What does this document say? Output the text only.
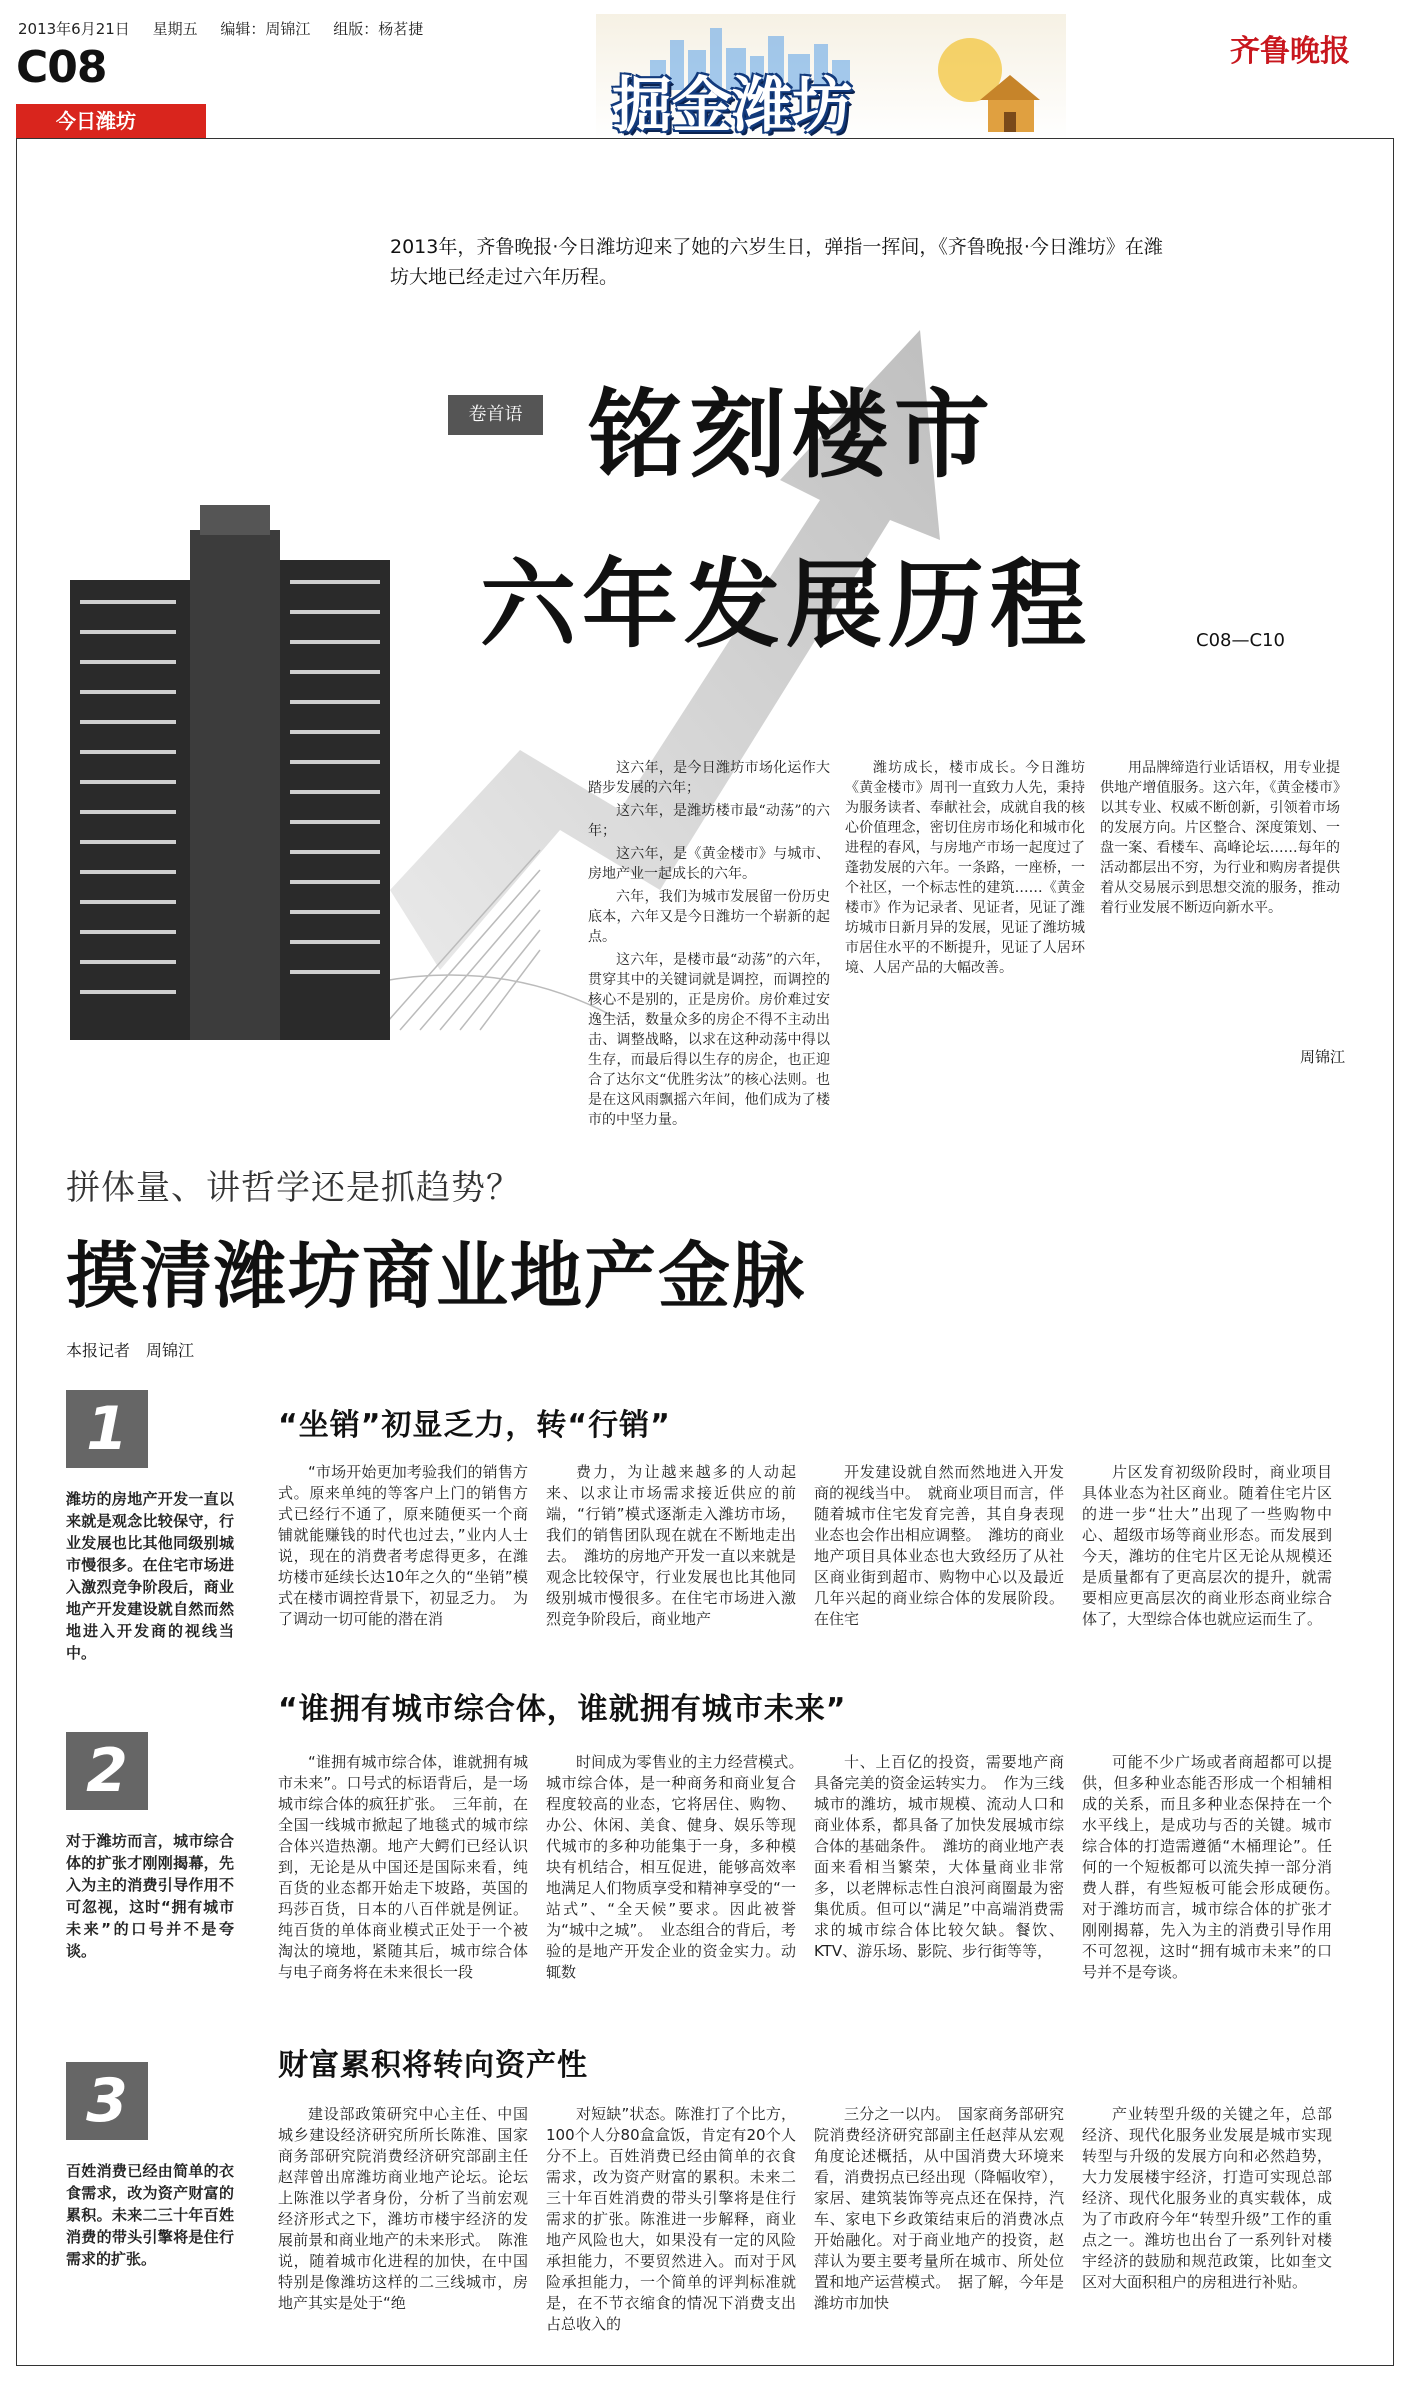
2013年6月21日 星期五 编辑：周锦江 组版：杨茗捷
C08
今日潍坊
齐鲁晚报
掘金潍坊
2013年，齐鲁晚报·今日潍坊迎来了她的六岁生日，弹指一挥间，《齐鲁晚报·今日潍坊》在潍坊大地已经走过六年历程。
卷首语 铭刻楼市
六年发展历程	C08—C10

这六年，是今日潍坊市场化运作大踏步发展的六年；

这六年，是潍坊楼市最“动荡”的六年；

这六年，是《黄金楼市》与城市、房地产业一起成长的六年。

六年，我们为城市发展留一份历史底本，六年又是今日潍坊一个崭新的起点。

这六年，是楼市最“动荡”的六年，贯穿其中的关键词就是调控，而调控的核心不是别的，正是房价。房价难过安逸生活，数量众多的房企不得不主动出击、调整战略，以求在这种动荡中得以生存，而最后得以生存的房企，也正迎合了达尔文“优胜劣汰”的核心法则。也是在这风雨飘摇六年间，他们成为了楼市的中坚力量。

潍坊成长，楼市成长。今日潍坊《黄金楼市》周刊一直致力人先，秉持为服务读者、奉献社会，成就自我的核心价值理念，密切住房市场化和城市化进程的春风，与房地产市场一起度过了蓬勃发展的六年。一条路，一座桥，一个社区，一个标志性的建筑……《黄金楼市》作为记录者、见证者，见证了潍坊城市日新月异的发展，见证了潍坊城市居住水平的不断提升，见证了人居环境、人居产品的大幅改善。

用品牌缔造行业话语权，用专业提供地产增值服务。这六年，《黄金楼市》以其专业、权威不断创新，引领着市场的发展方向。片区整合、深度策划、一盘一案、看楼车、高峰论坛……每年的活动都层出不穷，为行业和购房者提供着从交易展示到思想交流的服务，推动着行业发展不断迈向新水平。

周锦江
拼体量、讲哲学还是抓趋势？
摸清潍坊商业地产金脉
本报记者　周锦江
1	“坐销”初显乏力，转“行销”
潍坊的房地产开发一直以来就是观念比较保守，行业发展也比其他同级别城市慢很多。在住宅市场进入激烈竞争阶段后，商业地产开发建设就自然而然地进入开发商的视线当中。

“市场开始更加考验我们的销售方式。原来单纯的等客户上门的销售方式已经行不通了，原来随便买一个商铺就能赚钱的时代也过去，”业内人士说，现在的消费者考虑得更多，在潍坊楼市延续长达10年之久的“坐销”模式在楼市调控背景下，初显乏力。　为了调动一切可能的潜在消

费力，为让越来越多的人动起来、以求让市场需求接近供应的前端，“行销”模式逐渐走入潍坊市场，我们的销售团队现在就在不断地走出去。　潍坊的房地产开发一直以来就是观念比较保守，行业发展也比其他同级别城市慢很多。在住宅市场进入激烈竞争阶段后，商业地产

开发建设就自然而然地进入开发商的视线当中。　就商业项目而言，伴随着城市住宅发育完善，其自身表现业态也会作出相应调整。　潍坊的商业地产项目具体业态也大致经历了从社区商业街到超市、购物中心以及最近几年兴起的商业综合体的发展阶段。在住宅

片区发育初级阶段时，商业项目具体业态为社区商业。随着住宅片区的进一步“壮大”出现了一些购物中心、超级市场等商业形态。而发展到今天，潍坊的住宅片区无论从规模还是质量都有了更高层次的提升，就需要相应更高层次的商业形态商业综合体了，大型综合体也就应运而生了。

2
“谁拥有城市综合体，谁就拥有城市未来”
对于潍坊而言，城市综合体的扩张才刚刚揭幕，先入为主的消费引导作用不可忽视，这时“拥有城市未来”的口号并不是夸谈。

“谁拥有城市综合体，谁就拥有城市未来”。口号式的标语背后，是一场城市综合体的疯狂扩张。　三年前，在全国一线城市掀起了地毯式的城市综合体兴造热潮。地产大鳄们已经认识到，无论是从中国还是国际来看，纯百货的业态都开始走下坡路，英国的玛莎百货，日本的八百伴就是例证。纯百货的单体商业模式正处于一个被淘汰的境地，紧随其后，城市综合体与电子商务将在未来很长一段

时间成为零售业的主力经营模式。　城市综合体，是一种商务和商业复合程度较高的业态，它将居住、购物、办公、休闲、美食、健身、娱乐等现代城市的多种功能集于一身，多种模块有机结合，相互促进，能够高效率地满足人们物质享受和精神享受的“一站式”、“全天候”要求。因此被誉为“城中之城”。　业态组合的背后，考验的是地产开发企业的资金实力。动辄数

十、上百亿的投资，需要地产商具备完美的资金运转实力。　作为三线城市的潍坊，城市规模、流动人口和商业体系，都具备了加快发展城市综合体的基础条件。　潍坊的商业地产表面来看相当繁荣，大体量商业非常多，以老牌标志性白浪河商圈最为密集优质。但可以“满足”中高端消费需求的城市综合体比较欠缺。餐饮、KTV、游乐场、影院、步行街等等，

可能不少广场或者商超都可以提供，但多种业态能否形成一个相辅相成的关系，而且多种业态保持在一个水平线上，是成功与否的关键。城市综合体的打造需遵循“木桶理论”。任何的一个短板都可以流失掉一部分消费人群，有些短板可能会形成硬伤。　对于潍坊而言，城市综合体的扩张才刚刚揭幕，先入为主的消费引导作用不可忽视，这时“拥有城市未来”的口号并不是夸谈。

3
财富累积将转向资产性
百姓消费已经由简单的衣食需求，改为资产财富的累积。未来二三十年百姓消费的带头引擎将是住行需求的扩张。

建设部政策研究中心主任、中国城乡建设经济研究所所长陈淮、国家商务部研究院消费经济研究部副主任赵萍曾出席潍坊商业地产论坛。论坛上陈淮以学者身份，分析了当前宏观经济形式之下，潍坊市楼宇经济的发展前景和商业地产的未来形式。　陈淮说，随着城市化进程的加快，在中国特别是像潍坊这样的二三线城市，房地产其实是处于“绝

对短缺”状态。陈淮打了个比方，100个人分80盒盒饭，肯定有20个人分不上。百姓消费已经由简单的衣食需求，改为资产财富的累积。未来二三十年百姓消费的带头引擎将是住行需求的扩张。陈淮进一步解释，商业地产风险也大，如果没有一定的风险承担能力，不要贸然进入。而对于风险承担能力，一个简单的评判标准就是，在不节衣缩食的情况下消费支出占总收入的

三分之一以内。　国家商务部研究院消费经济研究部副主任赵萍从宏观角度论述概括，从中国消费大环境来看，消费拐点已经出现（降幅收窄），家居、建筑装饰等亮点还在保持，汽车、家电下乡政策结束后的消费冰点开始融化。对于商业地产的投资，赵萍认为要主要考量所在城市、所处位置和地产运营模式。　据了解，今年是潍坊市加快

产业转型升级的关键之年，总部经济、现代化服务业发展是城市实现转型与升级的发展方向和必然趋势，大力发展楼宇经济，打造可实现总部经济、现代化服务业的真实载体，成为了市政府今年“转型升级”工作的重点之一。潍坊也出台了一系列针对楼宇经济的鼓励和规范政策，比如奎文区对大面积租户的房租进行补贴。
